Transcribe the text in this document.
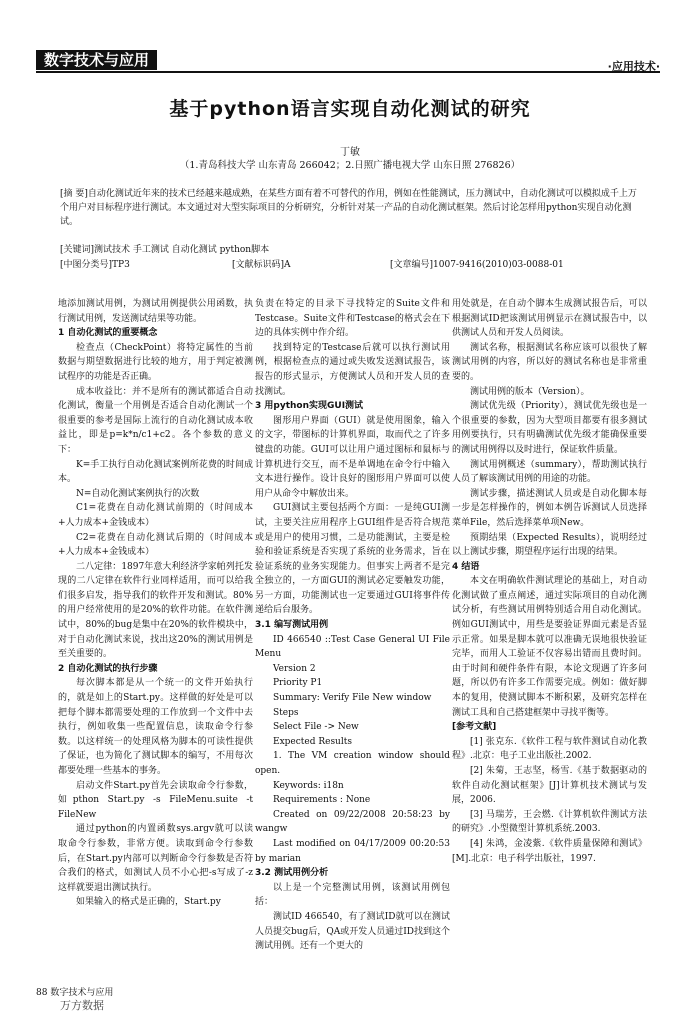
数字技术与应用	·应用技术·
基于python语言实现自动化测试的研究
丁敏
（1.青岛科技大学 山东青岛 266042；2.日照广播电视大学 山东日照 276826）
[摘 要]自动化测试近年来的技术已经越来越成熟，在某些方面有着不可替代的作用，例如在性能测试，压力测试中，自动化测试可以模拟成千上万个用户对目标程序进行测试。本文通过对大型实际项目的分析研究，分析针对某一产品的自动化测试框架。然后讨论怎样用python实现自动化测试。
[关键词]测试技术 手工测试 自动化测试 python脚本
[中图分类号]TP3	[文献标识码]A	[文章编号]1007-9416(2010)03-0088-01

地添加测试用例，为测试用例提供公用函数，执行测试用例，发送测试结果等功能。

1 自动化测试的重要概念

检查点（CheckPoint）将特定属性的当前数据与期望数据进行比较的地方，用于判定被测试程序的功能是否正确。

成本收益比：并不是所有的测试都适合自动化测试，衡量一个用例是否适合自动化测试一个很重要的参考是国际上流行的自动化测试成本收益比，即是p=k*n/c1+c2。各个参数的意义下：

K=手工执行自动化测试案例所花费的时间成本。

N=自动化测试案例执行的次数

C1=花费在自动化测试前期的（时间成本+人力成本+金钱成本）

C2=花费在自动化测试后期的（时间成本+人力成本+金钱成本）

二八定律：1897年意大利经济学家帕列托发现的二八定律在软件行业同样适用，而可以给我们很多启发，指导我们的软件开发和测试。80%的用户经常使用的是20%的软件功能。在软件测试中，80%的bug是集中在20%的软件模块中，对于自动化测试来说，找出这20%的测试用例是至关重要的。

2 自动化测试的执行步骤

每次脚本都是从一个统一的文件开始执行的，就是如上的Start.py。这样做的好处是可以把每个脚本都需要处理的工作放到一个文件中去执行，例如收集一些配置信息，读取命令行参数。以这样统一的处理风格为脚本的可读性提供了保证，也为简化了测试脚本的编写，不用每次都要处理一些基本的事务。

启动文件Start.py首先会读取命令行参数，如pthon Start.py -s FileMenu.suite -t FileNew

通过python的内置函数sys.argv就可以读取命令行参数，非常方便。读取到命令行参数后，在Start.py内部可以判断命令行参数是否符合我们的格式，如测试人员不小心把-s写成了-z这样就要退出测试执行。

如果输入的格式是正确的，Start.py

负责在特定的目录下寻找特定的Suite文件和Testcase。Suite文件和Testcase的格式会在下边的具体实例中作介绍。

找到特定的Testcase后就可以执行测试用例，根据检查点的通过或失败发送测试报告，该报告的形式显示，方便测试人员和开发人员的查找测试。

3 用python实现GUI测试

图形用户界面（GUI）就是使用图象，输入的文字，带图标的计算机界面，取而代之了许多键盘的功能。GUI可以让用户通过图标和鼠标与计算机进行交互，而不是单调地在命令行中输入文本进行操作。设计良好的图形用户界面可以使用户从命令中解放出来。

GUI测试主要包括两个方面：一是纯GUI测试，主要关注应用程序上GUI组件是否符合规范或是用户的使用习惯，二是功能测试，主要是检验和验证系统是否实现了系统的业务需求，旨在验证系统的业务实现能力。但事实上两者不是完全独立的，一方面GUI的测试必定要触发功能，另一方面，功能测试也一定要通过GUI将事件传递给后台服务。

3.1 编写测试用例

ID 466540 ::Test Case General UI File Menu

Version 2

Priority P1

Summary: Verify File New window

Steps

Select File -> New

Expected Results

1. The VM creation window should open.

Keywords: i18n

Requirements : None

Created on 09/22/2008 20:58:23 by wangw

Last modified on 04/17/2009 00:20:53 by marian

3.2 测试用例分析

以上是一个完整测试用例，该测试用例包括：

测试ID 466540，有了测试ID就可以在测试人员提交bug后，QA或开发人员通过ID找到这个测试用例。还有一个更大的

用处就是，在自动个脚本生成测试报告后，可以根据测试ID把该测试用例显示在测试报告中，以供测试人员和开发人员阅读。

测试名称，根据测试名称应该可以很快了解测试用例的内容，所以好的测试名称也是非常重要的。

测试用例的版本（Version）。

测试优先级（Priority），测试优先级也是一个很重要的参数，因为大型项目都要有很多测试用例要执行，只有明确测试优先级才能确保重要的测试用例得以及时进行，保证软件质量。

测试用例概述（summary），帮助测试执行人员了解该测试用例的用途的功能。

测试步骤，描述测试人员或是自动化脚本每一步是怎样操作的，例如本例告诉测试人员选择菜单File，然后选择菜单项New。

预期结果（Expected Results），说明经过以上测试步骤，期望程序运行出现的结果。

4 结语

本文在明确软件测试理论的基础上，对自动化测试做了重点阐述，通过实际项目的自动化测试分析，有些测试用例特别适合用自动化测试。例如GUI测试中，用些是要验证界面元素是否显示正常。如果是脚本就可以准确无误地很快验证完毕，而用人工验证不仅容易出错而且费时间。由于时间和硬件条件有限，本论文现遇了许多问题，所以仍有许多工作需要完成。例如：做好脚本的复用，使测试脚本不断积累，及研究怎样在测试工具和自己搭建框架中寻找平衡等。

[参考文献]

[1] 张克东.《软件工程与软件测试自动化教程》.北京：电子工业出版社.2002.

[2] 朱菊，王志坚，杨雪.《基于数据驱动的软件自动化测试框架》[J]计算机技术测试与发展，2006.

[3] 马瑞芳，王会燃.《计算机软件测试方法的研究》.小型微型计算机系统.2003.

[4] 朱鸿，金凌紫.《软件质量保障和测试》[M].北京：电子科学出版社，1997.

88 数字技术与应用
万方数据
